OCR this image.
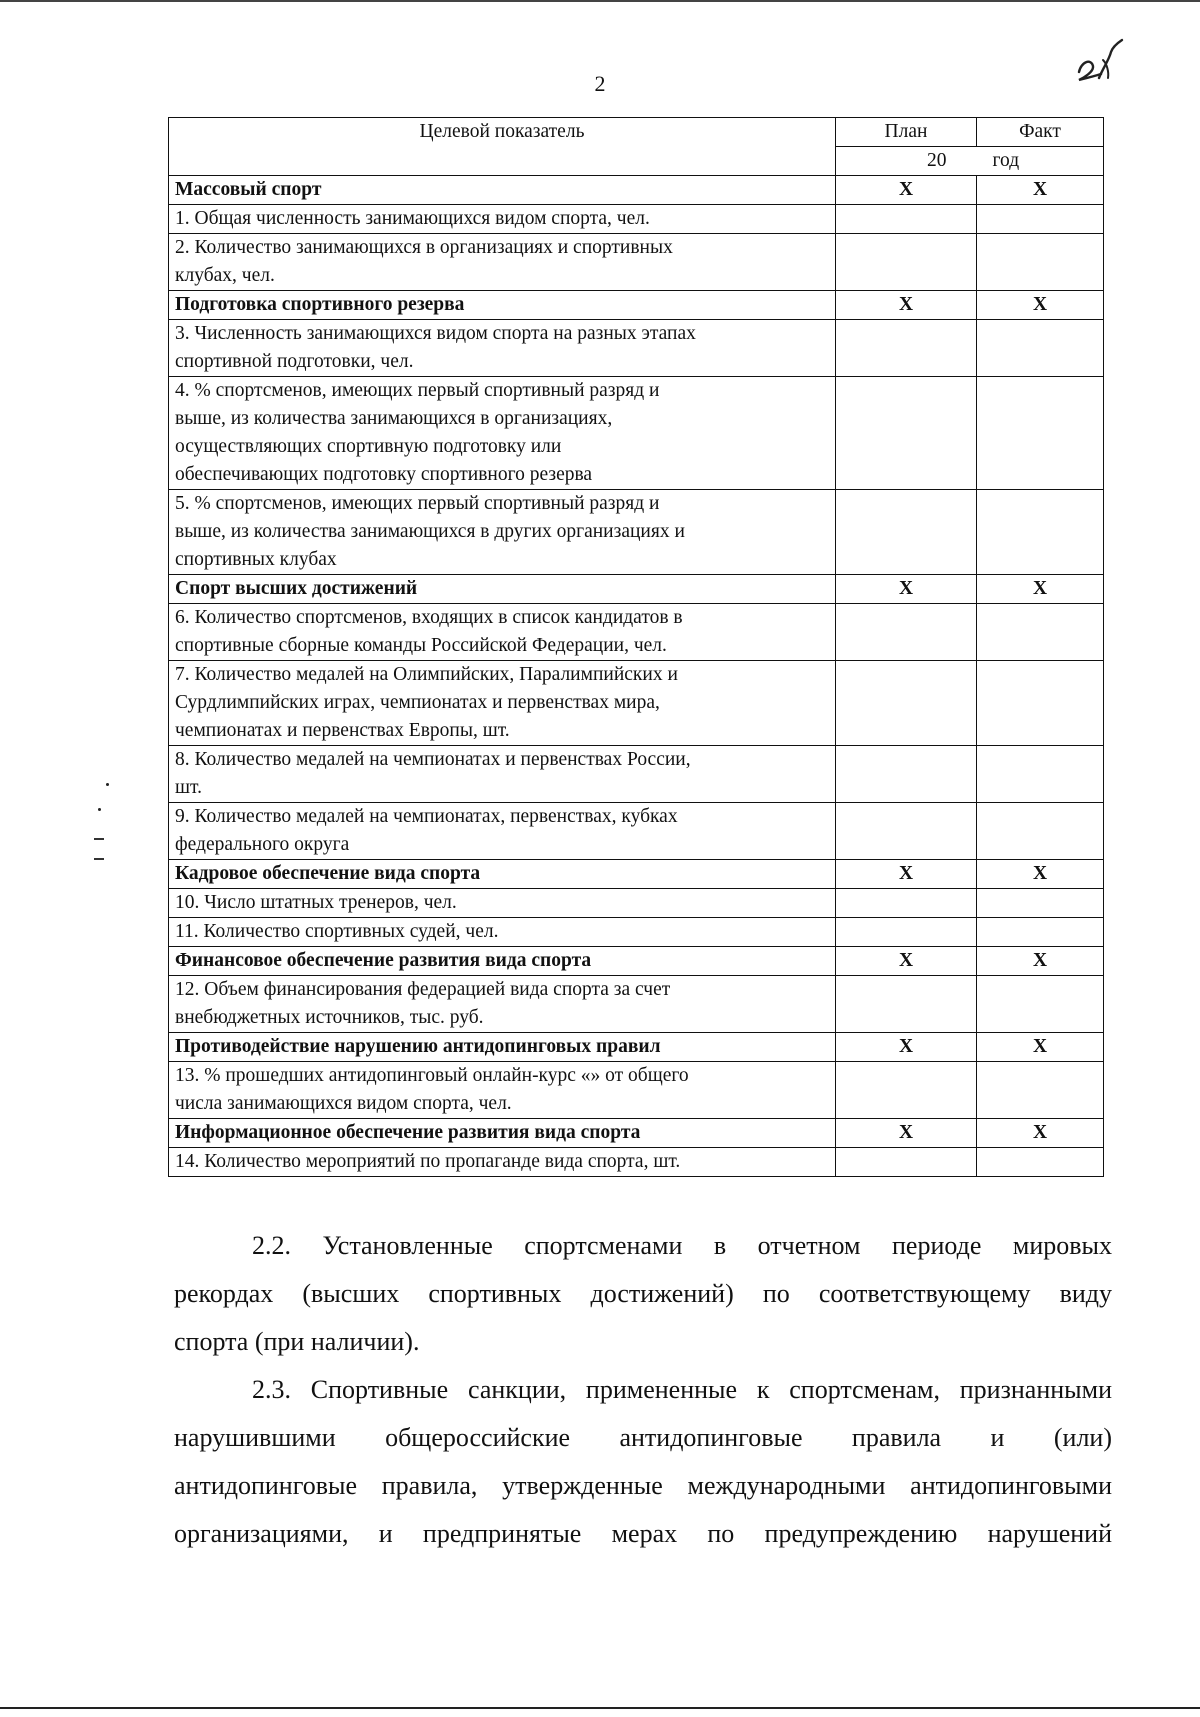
2
Целевой показатель	План	Факт
	20	год

Массовый спорт	X	X

1. Общая численность занимающихся видом спорта, чел.		

2. Количество занимающихся в организациях и спортивных
клубах, чел.		

Подготовка спортивного резерва	X	X

3. Численность занимающихся видом спорта на разных этапах
спортивной подготовки, чел.		

4. % спортсменов, имеющих первый спортивный разряд и
выше, из количества занимающихся в организациях,
осуществляющих спортивную подготовку или
обеспечивающих подготовку спортивного резерва		

5. % спортсменов, имеющих первый спортивный разряд и
выше, из количества занимающихся в других организациях и
спортивных клубах		

Спорт высших достижений	X	X

6. Количество спортсменов, входящих в список кандидатов в
спортивные сборные команды Российской Федерации, чел.		

7. Количество медалей на Олимпийских, Паралимпийских и
Сурдлимпийских играх, чемпионатах и первенствах мира,
чемпионатах и первенствах Европы, шт.		

8. Количество медалей на чемпионатах и первенствах России,
шт.		

9. Количество медалей на чемпионатах, первенствах, кубках
федерального округа		

Кадровое обеспечение вида спорта	X	X

10. Число штатных тренеров, чел.		

11. Количество спортивных судей, чел.		

Финансовое обеспечение развития вида спорта	X	X

12. Объем финансирования федерацией вида спорта за счет
внебюджетных источников, тыс. руб.		

Противодействие нарушению антидопинговых правил	X	X

13. % прошедших антидопинговый онлайн-курс «» от общего
числа занимающихся видом спорта, чел.		

Информационное обеспечение развития вида спорта	X	X

14. Количество мероприятий по пропаганде вида спорта, шт.		

2.2. Установленные спортсменами в отчетном периоде мировых
рекордах (высших спортивных достижений) по соответствующему виду
спорта (при наличии).
2.3. Спортивные санкции, примененные к спортсменам, признанными
нарушившими общероссийские антидопинговые правила и (или)
антидопинговые правила, утвержденные международными антидопинговыми
организациями, и предпринятые мерах по предупреждению нарушений
